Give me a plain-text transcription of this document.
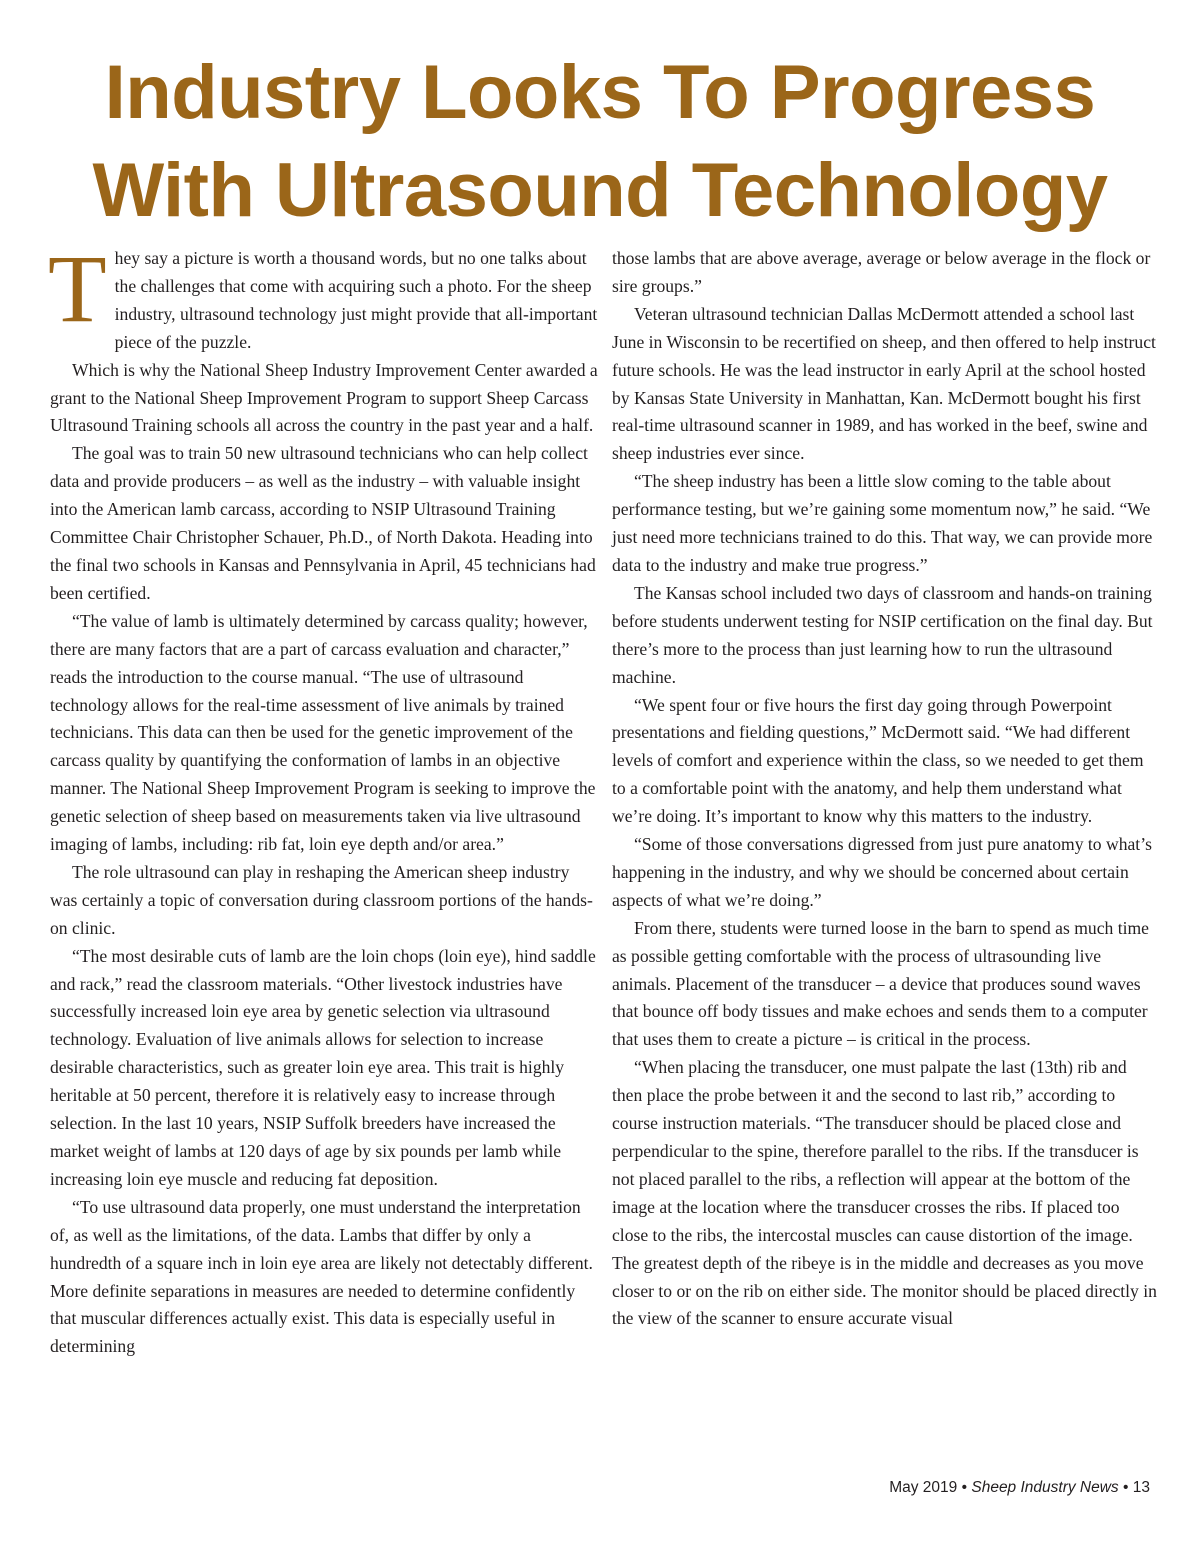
Industry Looks To Progress
With Ultrasound Technology

They say a picture is worth a thousand words, but no one talks about the challenges that come with acquiring such a photo. For the sheep industry, ultrasound technology just might provide that all-important piece of the puzzle.

Which is why the National Sheep Industry Improvement Center awarded a grant to the National Sheep Improvement Program to support Sheep Carcass Ultrasound Training schools all across the country in the past year and a half.

The goal was to train 50 new ultrasound technicians who can help collect data and provide producers – as well as the industry – with valuable insight into the American lamb carcass, according to NSIP Ultrasound Training Committee Chair Christopher Schauer, Ph.D., of North Dakota. Heading into the final two schools in Kansas and Pennsylvania in April, 45 technicians had been certified.

“The value of lamb is ultimately determined by carcass quality; however, there are many factors that are a part of carcass evaluation and character,” reads the introduction to the course manual. “The use of ultrasound technology allows for the real-time assessment of live animals by trained technicians. This data can then be used for the genetic improvement of the carcass quality by quantifying the conformation of lambs in an objective manner. The National Sheep Improvement Program is seeking to improve the genetic selection of sheep based on measurements taken via live ultrasound imaging of lambs, including: rib fat, loin eye depth and/or area.”

The role ultrasound can play in reshaping the American sheep industry was certainly a topic of conversation during classroom portions of the hands-on clinic.

“The most desirable cuts of lamb are the loin chops (loin eye), hind saddle and rack,” read the classroom materials. “Other livestock industries have successfully increased loin eye area by genetic selection via ultrasound technology. Evaluation of live animals allows for selection to increase desirable characteristics, such as greater loin eye area. This trait is highly heritable at 50 percent, therefore it is relatively easy to increase through selection. In the last 10 years, NSIP Suffolk breeders have increased the market weight of lambs at 120 days of age by six pounds per lamb while increasing loin eye muscle and reducing fat deposition.

“To use ultrasound data properly, one must understand the interpretation of, as well as the limitations, of the data. Lambs that differ by only a hundredth of a square inch in loin eye area are likely not detectably different. More definite separations in measures are needed to determine confidently that muscular differences actually exist. This data is especially useful in determining

those lambs that are above average, average or below average in the flock or sire groups.”

Veteran ultrasound technician Dallas McDermott attended a school last June in Wisconsin to be recertified on sheep, and then offered to help instruct future schools. He was the lead instructor in early April at the school hosted by Kansas State University in Manhattan, Kan. McDermott bought his first real-time ultrasound scanner in 1989, and has worked in the beef, swine and sheep industries ever since.

“The sheep industry has been a little slow coming to the table about performance testing, but we’re gaining some momentum now,” he said. “We just need more technicians trained to do this. That way, we can provide more data to the industry and make true progress.”

The Kansas school included two days of classroom and hands-on training before students underwent testing for NSIP certification on the final day. But there’s more to the process than just learning how to run the ultrasound machine.

“We spent four or five hours the first day going through Powerpoint presentations and fielding questions,” McDermott said. “We had different levels of comfort and experience within the class, so we needed to get them to a comfortable point with the anatomy, and help them understand what we’re doing. It’s important to know why this matters to the industry.

“Some of those conversations digressed from just pure anatomy to what’s happening in the industry, and why we should be concerned about certain aspects of what we’re doing.”

From there, students were turned loose in the barn to spend as much time as possible getting comfortable with the process of ultrasounding live animals. Placement of the transducer – a device that produces sound waves that bounce off body tissues and make echoes and sends them to a computer that uses them to create a picture – is critical in the process.

“When placing the transducer, one must palpate the last (13th) rib and then place the probe between it and the second to last rib,” according to course instruction materials. “The transducer should be placed close and perpendicular to the spine, therefore parallel to the ribs. If the transducer is not placed parallel to the ribs, a reflection will appear at the bottom of the image at the location where the transducer crosses the ribs. If placed too close to the ribs, the intercostal muscles can cause distortion of the image. The greatest depth of the ribeye is in the middle and decreases as you move closer to or on the rib on either side. The monitor should be placed directly in the view of the scanner to ensure accurate visual

May 2019 • Sheep Industry News • 13
